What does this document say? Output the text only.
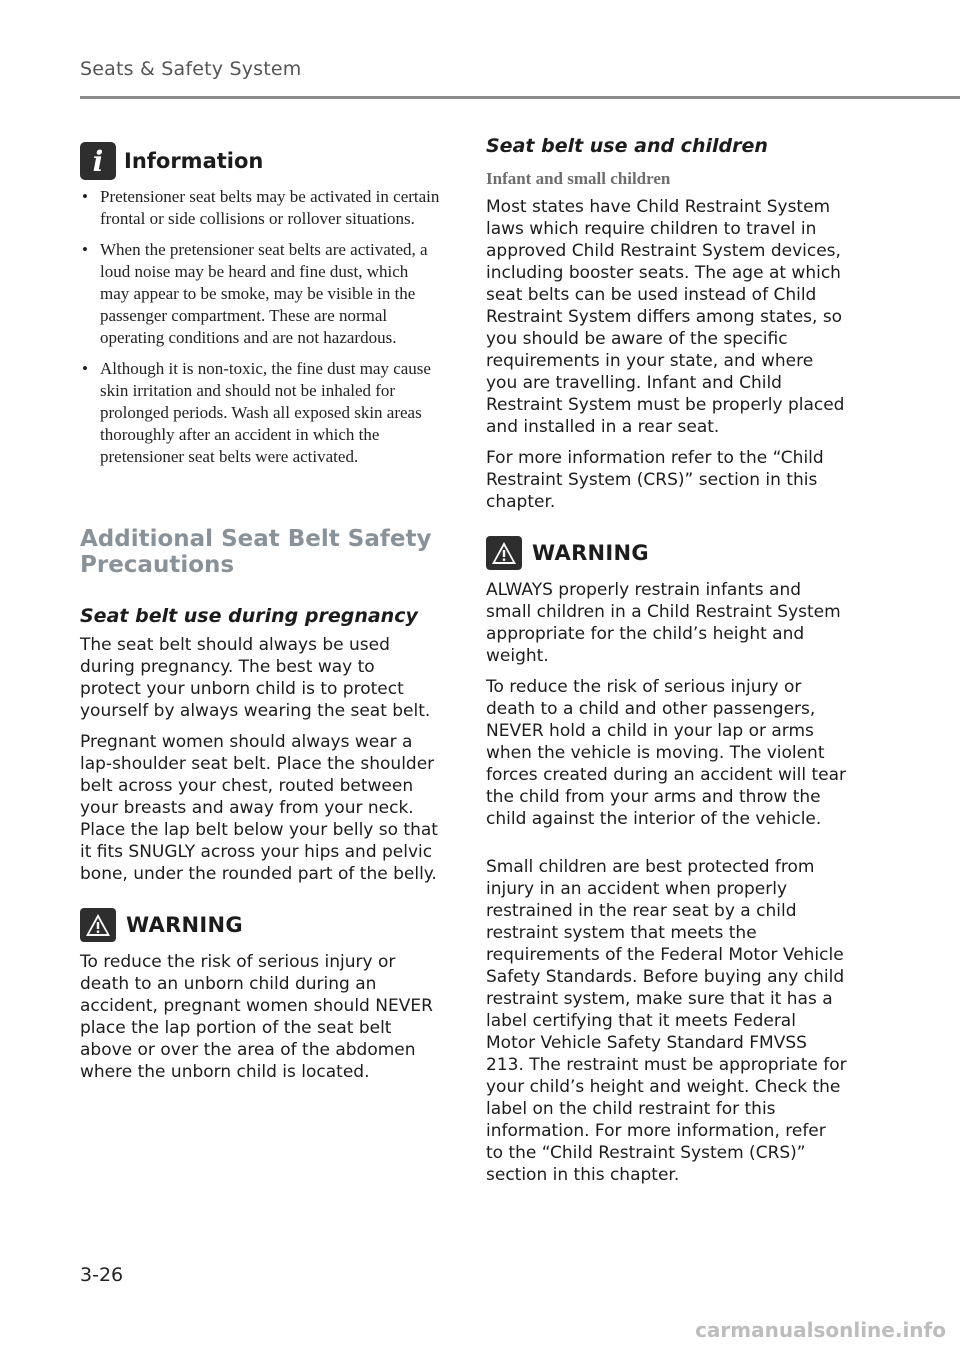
Seats & Safety System
i Information
• Pretensioner seat belts may be activated in certain frontal or side collisions or rollover situations.
• When the pretensioner seat belts are activated, a loud noise may be heard and fine dust, which may appear to be smoke, may be visible in the passenger compartment. These are normal operating conditions and are not hazardous.
• Although it is non-toxic, the fine dust may cause skin irritation and should not be inhaled for prolonged periods. Wash all exposed skin areas thoroughly after an accident in which the pretensioner seat belts were activated.
Additional Seat Belt Safety Precautions
Seat belt use during pregnancy

The seat belt should always be used during pregnancy. The best way to protect your unborn child is to protect yourself by always wearing the seat belt.

Pregnant women should always wear a lap-shoulder seat belt. Place the shoulder belt across your chest, routed between your breasts and away from your neck. Place the lap belt below your belly so that it fits SNUGLY across your hips and pelvic bone, under the rounded part of the belly.

WARNING

To reduce the risk of serious injury or death to an unborn child during an accident, pregnant women should NEVER place the lap portion of the seat belt above or over the area of the abdomen where the unborn child is located.

Seat belt use and children
Infant and small children

Most states have Child Restraint System laws which require children to travel in approved Child Restraint System devices, including booster seats. The age at which seat belts can be used instead of Child Restraint System differs among states, so you should be aware of the specific requirements in your state, and where you are travelling. Infant and Child Restraint System must be properly placed and installed in a rear seat.

For more information refer to the “Child Restraint System (CRS)” section in this chapter.

WARNING

ALWAYS properly restrain infants and small children in a Child Restraint System appropriate for the child’s height and weight.

To reduce the risk of serious injury or death to a child and other passengers, NEVER hold a child in your lap or arms when the vehicle is moving. The violent forces created during an accident will tear the child from your arms and throw the child against the interior of the vehicle.

Small children are best protected from injury in an accident when properly restrained in the rear seat by a child restraint system that meets the requirements of the Federal Motor Vehicle Safety Standards. Before buying any child restraint system, make sure that it has a label certifying that it meets Federal Motor Vehicle Safety Standard FMVSS 213. The restraint must be appropriate for your child’s height and weight. Check the label on the child restraint for this information. For more information, refer to the “Child Restraint System (CRS)” section in this chapter.

3-26
carmanualsonline.info
